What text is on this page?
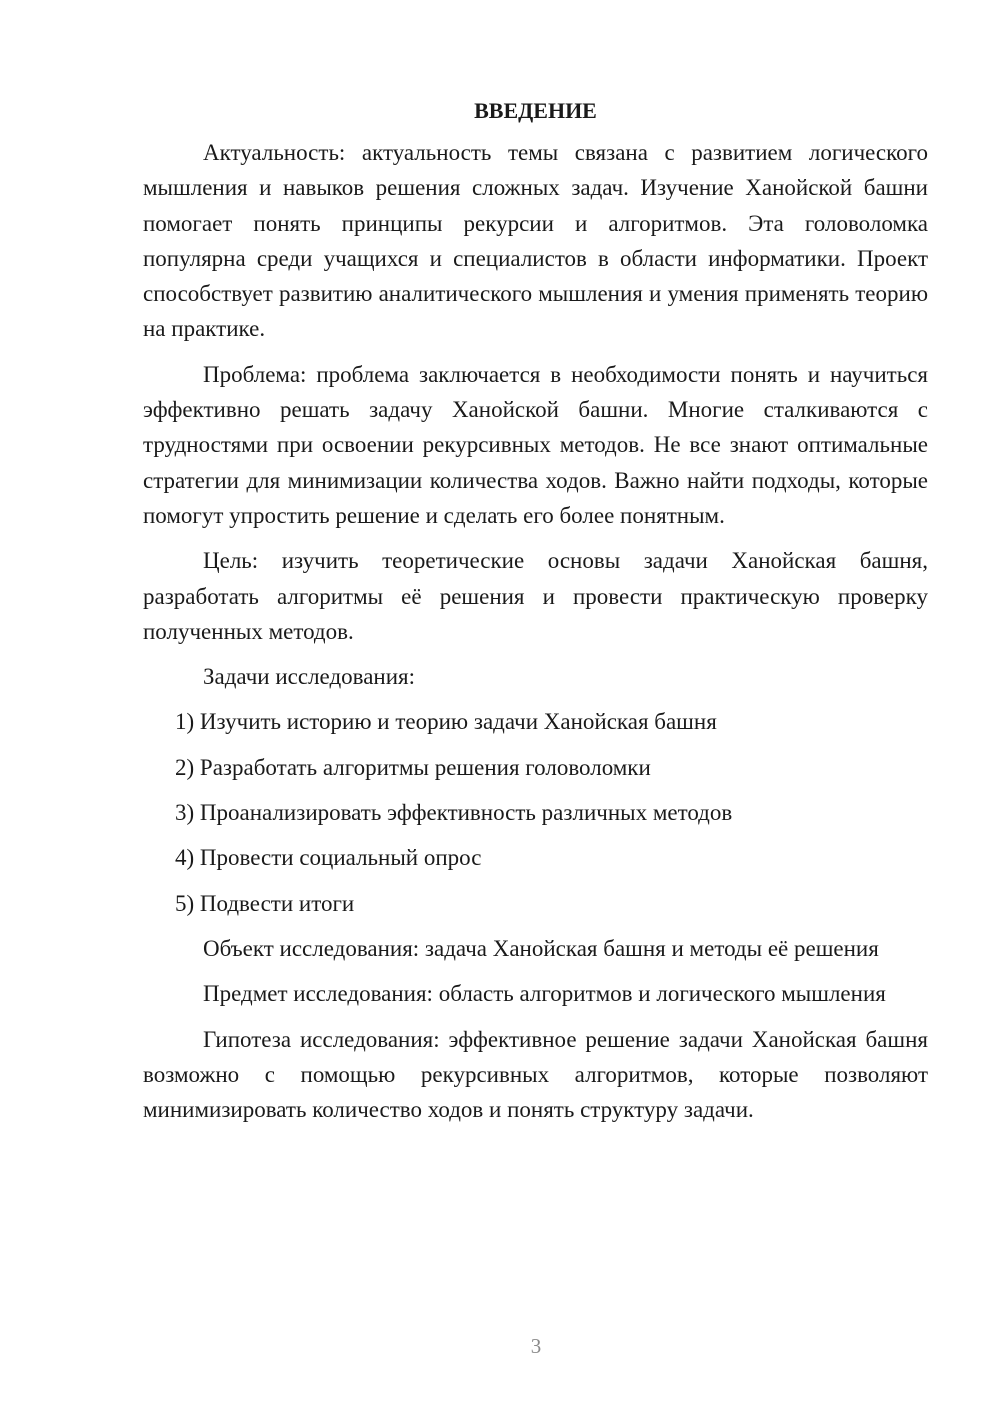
ВВЕДЕНИЕ

Актуальность: актуальность темы связана с развитием логического мышления и навыков решения сложных задач. Изучение Ханойской башни помогает понять принципы рекурсии и алгоритмов. Эта головоломка популярна среди учащихся и специалистов в области информатики. Проект способствует развитию аналитического мышления и умения применять теорию на практике.

Проблема: проблема заключается в необходимости понять и научиться эффективно решать задачу Ханойской башни. Многие сталкиваются с трудностями при освоении рекурсивных методов. Не все знают оптимальные стратегии для минимизации количества ходов. Важно найти подходы, которые помогут упростить решение и сделать его более понятным.

Цель: изучить теоретические основы задачи Ханойская башня, разработать алгоритмы её решения и провести практическую проверку полученных методов.

Задачи исследования:

1) Изучить историю и теорию задачи Ханойская башня
2) Разработать алгоритмы решения головоломки
3) Проанализировать эффективность различных методов
4) Провести социальный опрос
5) Подвести итоги

Объект исследования: задача Ханойская башня и методы её решения

Предмет исследования: область алгоритмов и логического мышления

Гипотеза исследования: эффективное решение задачи Ханойская башня возможно с помощью рекурсивных алгоритмов, которые позволяют минимизировать количество ходов и понять структуру задачи.

3
